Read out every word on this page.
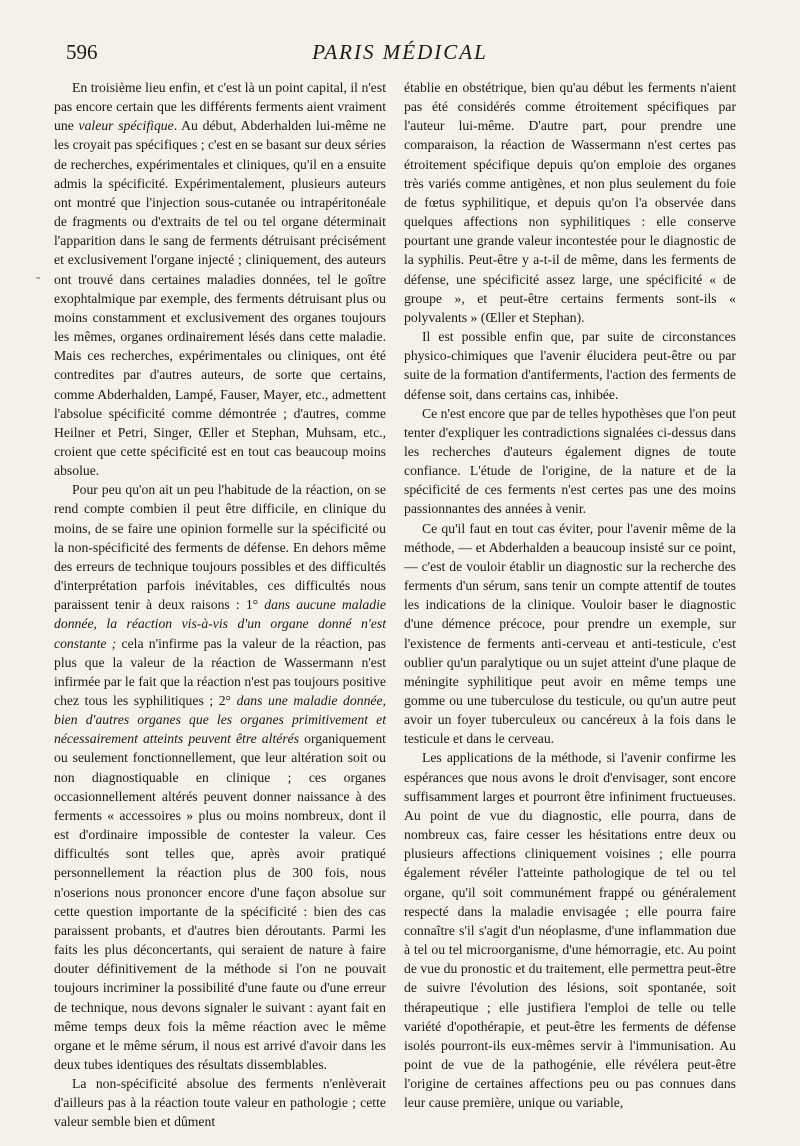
596	PARIS MÉDICAL
-

En troisième lieu enfin, et c'est là un point capital, il n'est pas encore certain que les différents ferments aient vraiment une valeur spécifique. Au début, Abderhalden lui-même ne les croyait pas spécifiques ; c'est en se basant sur deux séries de recherches, expérimentales et cliniques, qu'il en a ensuite admis la spécificité. Expérimentalement, plusieurs auteurs ont montré que l'injection sous-cutanée ou intrapéritonéale de fragments ou d'extraits de tel ou tel organe déterminait l'apparition dans le sang de ferments détruisant précisément et exclusivement l'organe injecté ; cliniquement, des auteurs ont trouvé dans certaines maladies données, tel le goître exophtalmique par exemple, des ferments détruisant plus ou moins constamment et exclusivement des organes toujours les mêmes, organes ordinairement lésés dans cette maladie. Mais ces recherches, expérimentales ou cliniques, ont été contredites par d'autres auteurs, de sorte que certains, comme Abderhalden, Lampé, Fauser, Mayer, etc., admettent l'absolue spécificité comme démontrée ; d'autres, comme Heilner et Petri, Singer, Œller et Stephan, Muhsam, etc., croient que cette spécificité est en tout cas beaucoup moins absolue.

Pour peu qu'on ait un peu l'habitude de la réaction, on se rend compte combien il peut être difficile, en clinique du moins, de se faire une opinion formelle sur la spécificité ou la non-spécificité des ferments de défense. En dehors même des erreurs de technique toujours possibles et des difficultés d'interprétation parfois inévitables, ces difficultés nous paraissent tenir à deux raisons : 1° dans aucune maladie donnée, la réaction vis-à-vis d'un organe donné n'est constante ; cela n'infirme pas la valeur de la réaction, pas plus que la valeur de la réaction de Wassermann n'est infirmée par le fait que la réaction n'est pas toujours positive chez tous les syphilitiques ; 2° dans une maladie donnée, bien d'autres organes que les organes primitivement et nécessairement atteints peuvent être altérés organiquement ou seulement fonctionnellement, que leur altération soit ou non diagnostiquable en clinique ; ces organes occasionnellement altérés peuvent donner naissance à des ferments « accessoires » plus ou moins nombreux, dont il est d'ordinaire impossible de contester la valeur. Ces difficultés sont telles que, après avoir pratiqué personnellement la réaction plus de 300 fois, nous n'oserions nous prononcer encore d'une façon absolue sur cette question importante de la spécificité : bien des cas paraissent probants, et d'autres bien déroutants. Parmi les faits les plus déconcertants, qui seraient de nature à faire douter définitivement de la méthode si l'on ne pouvait toujours incriminer la possibilité d'une faute ou d'une erreur de technique, nous devons signaler le suivant : ayant fait en même temps deux fois la même réaction avec le même organe et le même sérum, il nous est arrivé d'avoir dans les deux tubes identiques des résultats dissemblables.

La non-spécificité absolue des ferments n'enlèverait d'ailleurs pas à la réaction toute valeur en pathologie ; cette valeur semble bien et dûment

établie en obstétrique, bien qu'au début les ferments n'aient pas été considérés comme étroitement spécifiques par l'auteur lui-même. D'autre part, pour prendre une comparaison, la réaction de Wassermann n'est certes pas étroitement spécifique depuis qu'on emploie des organes très variés comme antigènes, et non plus seulement du foie de fœtus syphilitique, et depuis qu'on l'a observée dans quelques affections non syphilitiques : elle conserve pourtant une grande valeur incontestée pour le diagnostic de la syphilis. Peut-être y a-t-il de même, dans les ferments de défense, une spécificité assez large, une spécificité « de groupe », et peut-être certains ferments sont-ils « polyvalents » (Œller et Stephan).

Il est possible enfin que, par suite de circonstances physico-chimiques que l'avenir élucidera peut-être ou par suite de la formation d'antiferments, l'action des ferments de défense soit, dans certains cas, inhibée.

Ce n'est encore que par de telles hypothèses que l'on peut tenter d'expliquer les contradictions signalées ci-dessus dans les recherches d'auteurs également dignes de toute confiance. L'étude de l'origine, de la nature et de la spécificité de ces ferments n'est certes pas une des moins passionnantes des années à venir.

Ce qu'il faut en tout cas éviter, pour l'avenir même de la méthode, — et Abderhalden a beaucoup insisté sur ce point, — c'est de vouloir établir un diagnostic sur la recherche des ferments d'un sérum, sans tenir un compte attentif de toutes les indications de la clinique. Vouloir baser le diagnostic d'une démence précoce, pour prendre un exemple, sur l'existence de ferments anti-cerveau et anti-testicule, c'est oublier qu'un paralytique ou un sujet atteint d'une plaque de méningite syphilitique peut avoir en même temps une gomme ou une tuberculose du testicule, ou qu'un autre peut avoir un foyer tuberculeux ou cancéreux à la fois dans le testicule et dans le cerveau.

Les applications de la méthode, si l'avenir confirme les espérances que nous avons le droit d'envisager, sont encore suffisamment larges et pourront être infiniment fructueuses. Au point de vue du diagnostic, elle pourra, dans de nombreux cas, faire cesser les hésitations entre deux ou plusieurs affections cliniquement voisines ; elle pourra également révéler l'atteinte pathologique de tel ou tel organe, qu'il soit communément frappé ou généralement respecté dans la maladie envisagée ; elle pourra faire connaître s'il s'agit d'un néoplasme, d'une inflammation due à tel ou tel microorganisme, d'une hémorragie, etc. Au point de vue du pronostic et du traitement, elle permettra peut-être de suivre l'évolution des lésions, soit spontanée, soit thérapeutique ; elle justifiera l'emploi de telle ou telle variété d'opothérapie, et peut-être les ferments de défense isolés pourront-ils eux-mêmes servir à l'immunisation. Au point de vue de la pathogénie, elle révélera peut-être l'origine de certaines affections peu ou pas connues dans leur cause première, unique ou variable,
